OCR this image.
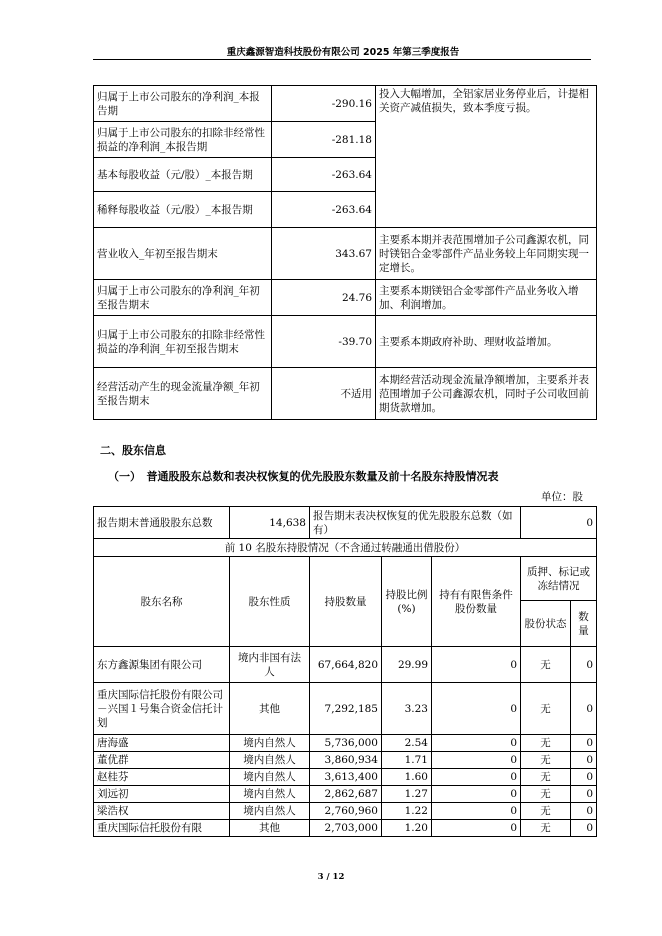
重庆鑫源智造科技股份有限公司 2025 年第三季度报告
归属于上市公司股东的净利润_本报告期	-290.16	投入大幅增加，全铝家居业务停业后，计提相关资产减值损失，致本季度亏损。
归属于上市公司股东的扣除非经常性损益的净利润_本报告期	-281.18	
基本每股收益（元/股）_本报告期	-263.64	
稀释每股收益（元/股）_本报告期	-263.64	
营业收入_年初至报告期末	343.67	主要系本期并表范围增加子公司鑫源农机，同时镁铝合金零部件产品业务较上年同期实现一定增长。
归属于上市公司股东的净利润_年初至报告期末	24.76	主要系本期镁铝合金零部件产品业务收入增加、利润增加。
归属于上市公司股东的扣除非经常性损益的净利润_年初至报告期末	-39.70	主要系本期政府补助、理财收益增加。
经营活动产生的现金流量净额_年初至报告期末	不适用	本期经营活动现金流量净额增加，主要系并表范围增加子公司鑫源农机，同时子公司收回前期货款增加。
二、股东信息
（一）　普通股股东总数和表决权恢复的优先股股东数量及前十名股东持股情况表
单位：股
报告期末普通股股东总数	14,638	报告期末表决权恢复的优先股股东总数（如有）			0	
前 10 名股东持股情况（不含通过转融通出借股份）						
股东名称	股东性质	持股数量	持股比例(%)	持有有限售条件股份数量	质押、标记或冻结情况	
					股份状态	数量
东方鑫源集团有限公司	境内非国有法人	67,664,820	29.99	0	无	0
重庆国际信托股份有限公司－兴国１号集合资金信托计划	其他	7,292,185	3.23	0	无	0
唐海盛	境内自然人	5,736,000	2.54	0	无	0
董优群	境内自然人	3,860,934	1.71	0	无	0
赵桂芬	境内自然人	3,613,400	1.60	0	无	0
刘远初	境内自然人	2,862,687	1.27	0	无	0
梁浩权	境内自然人	2,760,960	1.22	0	无	0
重庆国际信托股份有限	其他	2,703,000	1.20	0	无	0
3 / 12
